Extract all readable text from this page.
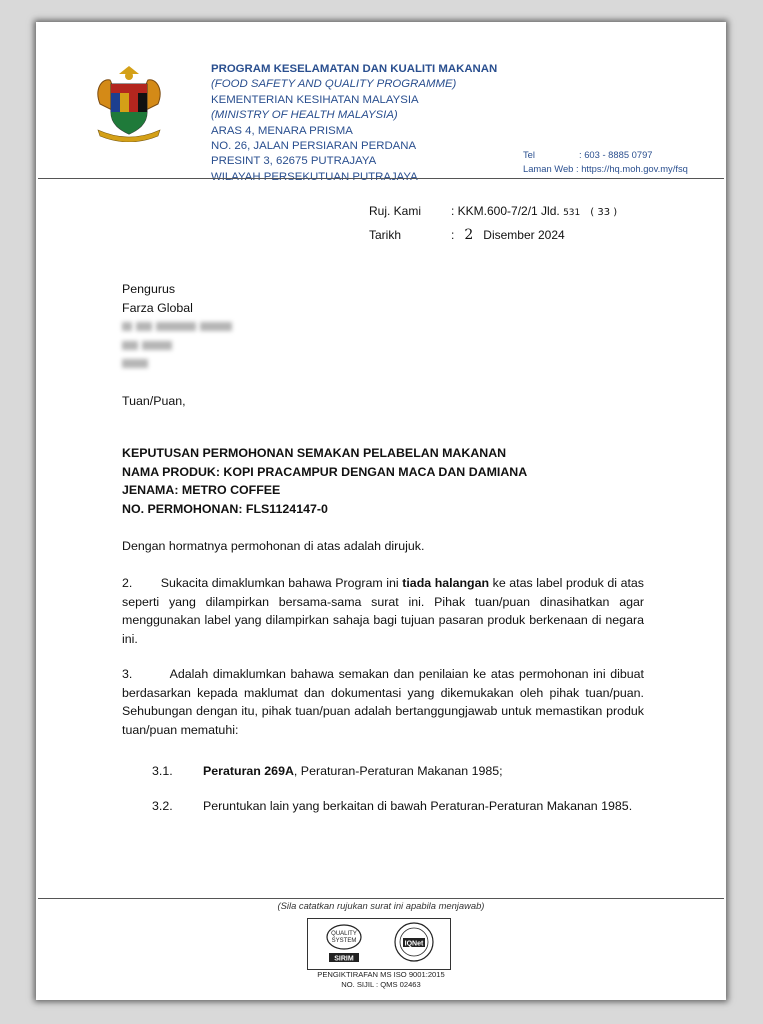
PROGRAM KESELAMATAN DAN KUALITI MAKANAN
(FOOD SAFETY AND QUALITY PROGRAMME)
KEMENTERIAN KESIHATAN MALAYSIA
(MINISTRY OF HEALTH MALAYSIA)
ARAS 4, MENARA PRISMA
NO. 26, JALAN PERSIARAN PERDANA
PRESINT 3, 62675 PUTRAJAYA
WILAYAH PERSEKUTUAN PUTRAJAYA
Tel	: 603 - 8885 0797
Laman Web : https://hq.moh.gov.my/fsq
Ruj. Kami : KKM.600-7/2/1 Jld. 531 ( 33 )
Tarikh	: 2 Disember 2024
Pengurus
Farza Global
Tuan/Puan,
KEPUTUSAN PERMOHONAN SEMAKAN PELABELAN MAKANAN
NAMA PRODUK: KOPI PRACAMPUR DENGAN MACA DAN DAMIANA
JENAMA: METRO COFFEE
NO. PERMOHONAN: FLS1124147-0
Dengan hormatnya permohonan di atas adalah dirujuk.
2. Sukacita dimaklumkan bahawa Program ini tiada halangan ke atas label produk di atas seperti yang dilampirkan bersama-sama surat ini. Pihak tuan/puan dinasihatkan agar menggunakan label yang dilampirkan sahaja bagi tujuan pasaran produk berkenaan di negara ini.
3.	Adalah dimaklumkan bahawa semakan dan penilaian ke atas permohonan ini dibuat berdasarkan kepada maklumat dan dokumentasi yang dikemukakan oleh pihak tuan/puan. Sehubungan dengan itu, pihak tuan/puan adalah bertanggungjawab untuk memastikan produk tuan/puan mematuhi:
3.1. Peraturan 269A, Peraturan-Peraturan Makanan 1985;
3.2. Peruntukan lain yang berkaitan di bawah Peraturan-Peraturan Makanan 1985.
(Sila catatkan rujukan surat ini apabila menjawab)
QUALITY
SYSTEM
SIRIM
IQNet
PENGIKTIRAFAN MS ISO 9001:2015
NO. SIJIL : QMS 02463
